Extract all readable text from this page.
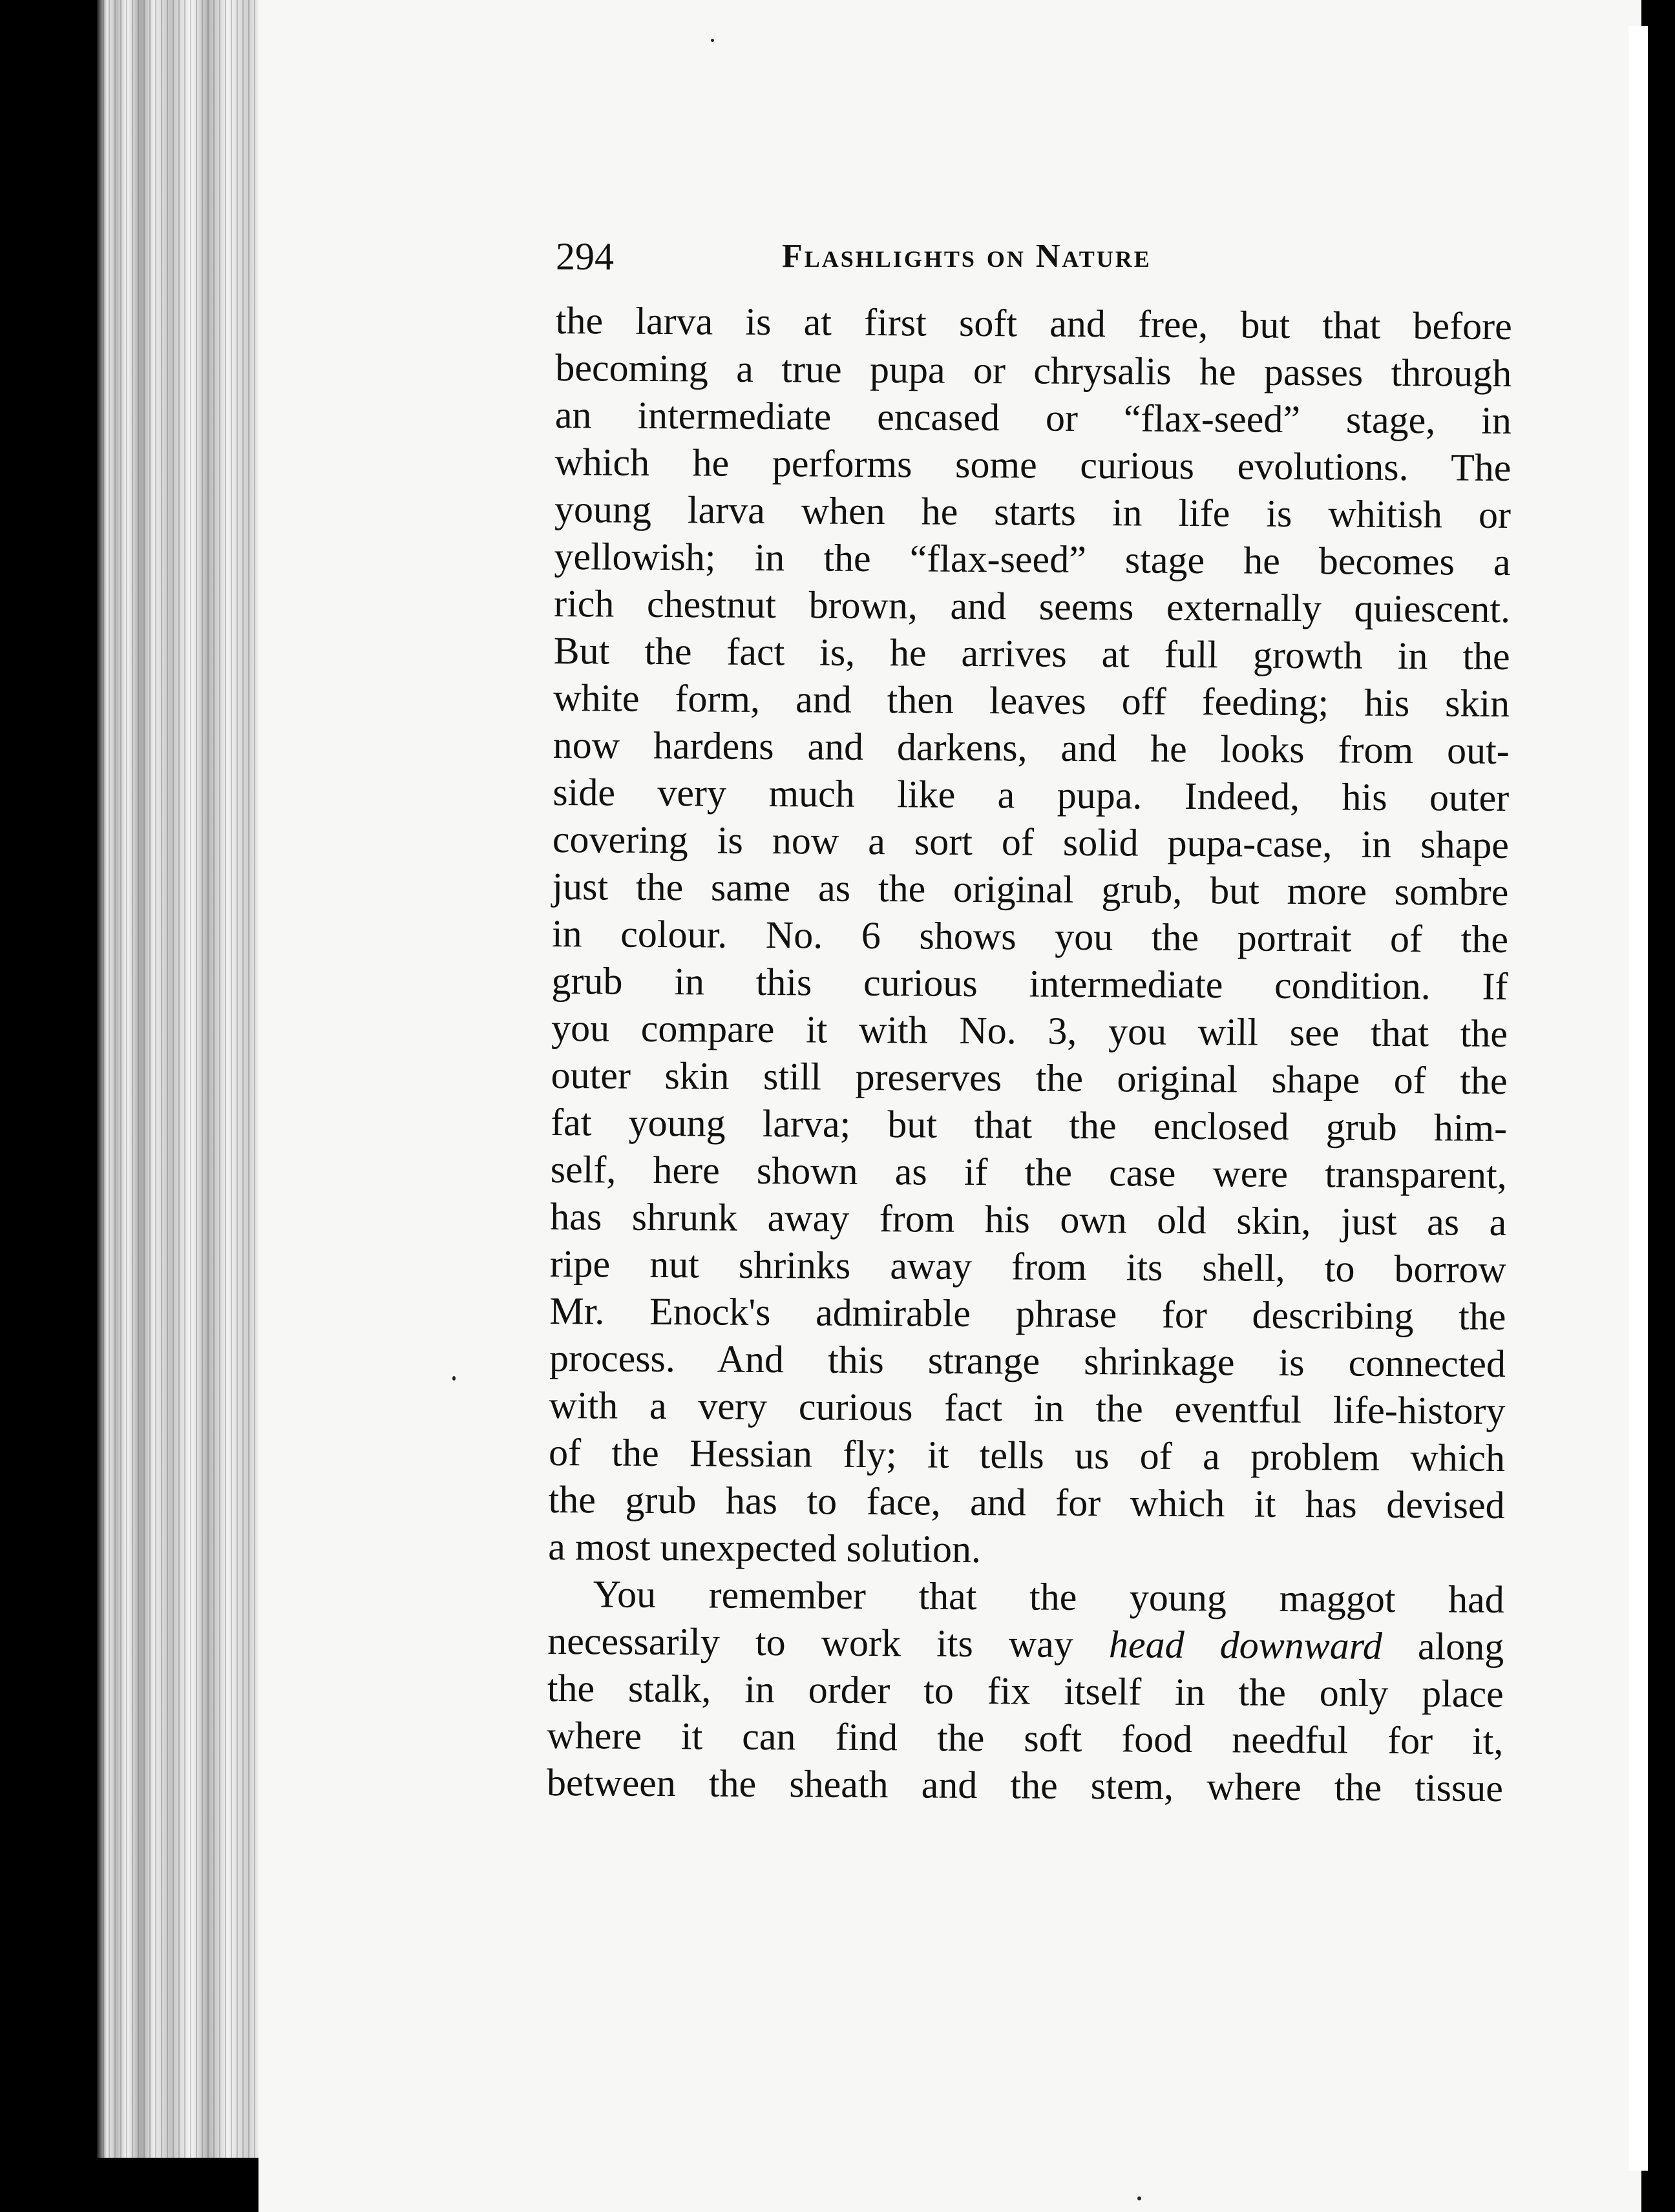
294	Flashlights on Nature
the larva is at first soft and free, but that before
becoming a true pupa or chrysalis he passes through
an intermediate encased or “flax-seed” stage, in
which he performs some curious evolutions. The
young larva when he starts in life is whitish or
yellowish; in the “flax-seed” stage he becomes a
rich chestnut brown, and seems externally quiescent.
But the fact is, he arrives at full growth in the
white form, and then leaves off feeding; his skin
now hardens and darkens, and he looks from out-
side very much like a pupa. Indeed, his outer
covering is now a sort of solid pupa-case, in shape
just the same as the original grub, but more sombre
in colour. No. 6 shows you the portrait of the
grub in this curious intermediate condition. If
you compare it with No. 3, you will see that the
outer skin still preserves the original shape of the
fat young larva; but that the enclosed grub him-
self, here shown as if the case were transparent,
has shrunk away from his own old skin, just as a
ripe nut shrinks away from its shell, to borrow
Mr. Enock's admirable phrase for describing the
process. And this strange shrinkage is connected
with a very curious fact in the eventful life-history
of the Hessian fly; it tells us of a problem which
the grub has to face, and for which it has devised
a most unexpected solution.
You remember that the young maggot had
necessarily to work its way head downward along
the stalk, in order to fix itself in the only place
where it can find the soft food needful for it,
between the sheath and the stem, where the tissue
